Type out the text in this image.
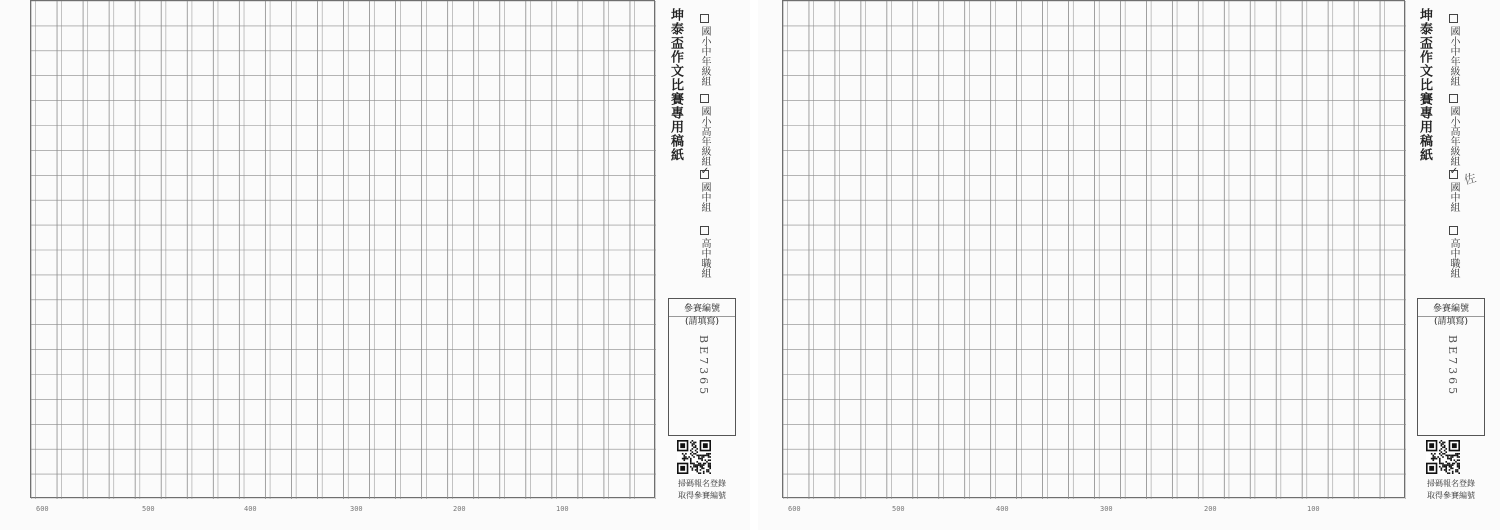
600	500	400	300	200	100
坤泰盃作文比賽專用稿紙 國小中年級組
國小高年級組
✓國中組
高中職組
參賽編號
(請填寫)
BE7365
掃碼報名登錄
取得參賽編號
600	500	400	300	200	100
坤泰盃作文比賽專用稿紙 國小中年級組
國小高年級組
✓國中組
高中職組
佐
參賽編號
(請填寫)
BE7365
掃碼報名登錄
取得參賽編號
